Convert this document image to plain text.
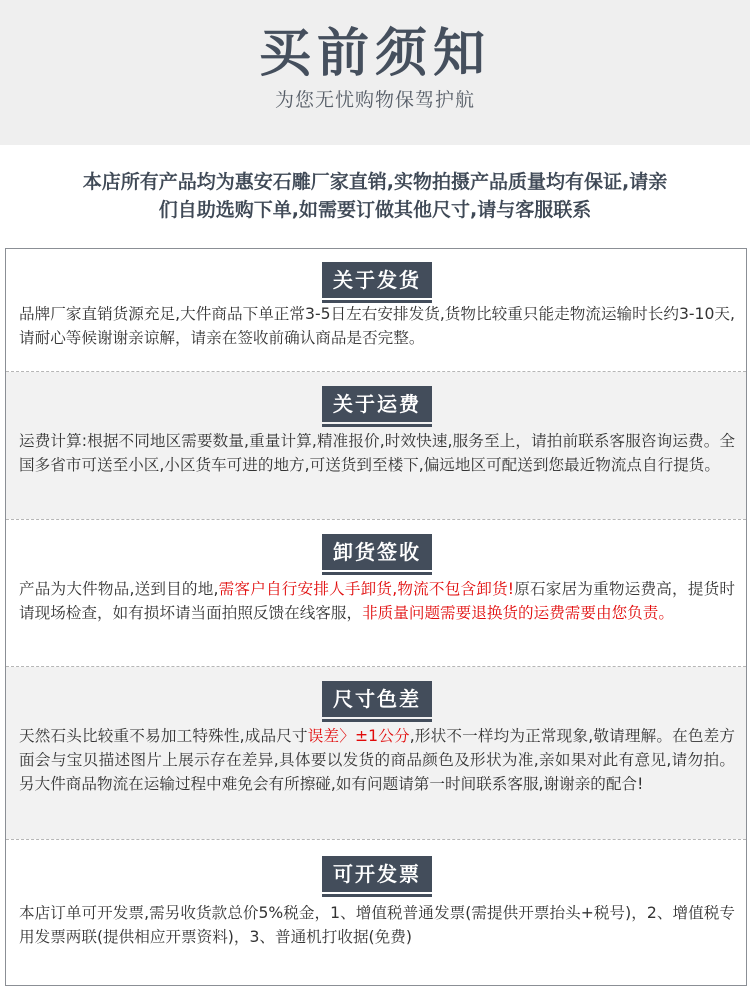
买前须知
为您无忧购物保驾护航
本店所有产品均为惠安石雕厂家直销,实物拍摄产品质量均有保证,请亲
们自助选购下单,如需要订做其他尺寸,请与客服联系
关于发货
品牌厂家直销货源充足,大件商品下单正常3-5日左右安排发货,货物比较重只能走物流运输时长约3-10天,请耐心等候谢谢亲谅解，请亲在签收前确认商品是否完整。
关于运费
运费计算:根据不同地区需要数量,重量计算,精准报价,时效快速,服务至上，请拍前联系客服咨询运费。全国多省市可送至小区,小区货车可进的地方,可送货到至楼下,偏远地区可配送到您最近物流点自行提货。
卸货签收
产品为大件物品,送到目的地,需客户自行安排人手卸货,物流不包含卸货!原石家居为重物运费高，提货时请现场检查，如有损坏请当面拍照反馈在线客服，非质量问题需要退换货的运费需要由您负责。
尺寸色差
天然石头比较重不易加工特殊性,成品尺寸误差〉±1公分,形状不一样均为正常现象,敬请理解。在色差方面会与宝贝描述图片上展示存在差异,具体要以发货的商品颜色及形状为准,亲如果对此有意见,请勿拍。另大件商品物流在运输过程中难免会有所擦碰,如有问题请第一时间联系客服,谢谢亲的配合!
可开发票
本店订单可开发票,需另收货款总价5%税金，1、增值税普通发票(需提供开票抬头+税号)，2、增值税专用发票两联(提供相应开票资料)，3、普通机打收据(免费)
